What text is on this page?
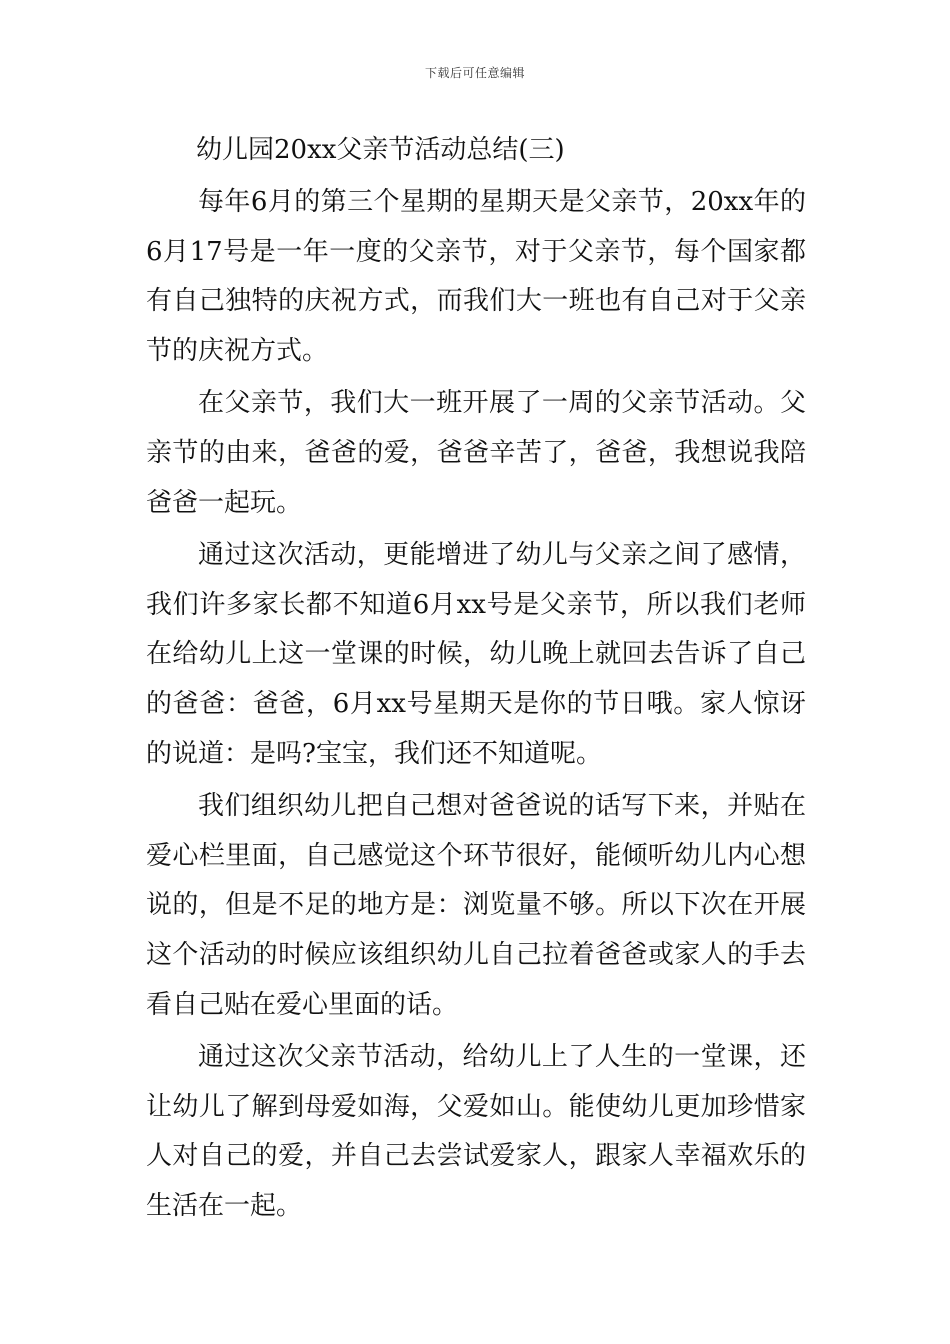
下载后可任意编辑
幼儿园20xx父亲节活动总结(三)

每年6月的第三个星期的星期天是父亲节，20xx年的6月17号是一年一度的父亲节，对于父亲节，每个国家都有自己独特的庆祝方式，而我们大一班也有自己对于父亲节的庆祝方式。

在父亲节，我们大一班开展了一周的父亲节活动。父亲节的由来，爸爸的爱，爸爸辛苦了，爸爸，我想说我陪爸爸一起玩。

通过这次活动，更能增进了幼儿与父亲之间了感情，我们许多家长都不知道6月xx号是父亲节，所以我们老师在给幼儿上这一堂课的时候，幼儿晚上就回去告诉了自己的爸爸：爸爸，6月xx号星期天是你的节日哦。家人惊讶的说道：是吗?宝宝，我们还不知道呢。

我们组织幼儿把自己想对爸爸说的话写下来，并贴在爱心栏里面，自己感觉这个环节很好，能倾听幼儿内心想说的，但是不足的地方是：浏览量不够。所以下次在开展这个活动的时候应该组织幼儿自己拉着爸爸或家人的手去看自己贴在爱心里面的话。

通过这次父亲节活动，给幼儿上了人生的一堂课，还让幼儿了解到母爱如海，父爱如山。能使幼儿更加珍惜家人对自己的爱，并自己去尝试爱家人，跟家人幸福欢乐的生活在一起。
